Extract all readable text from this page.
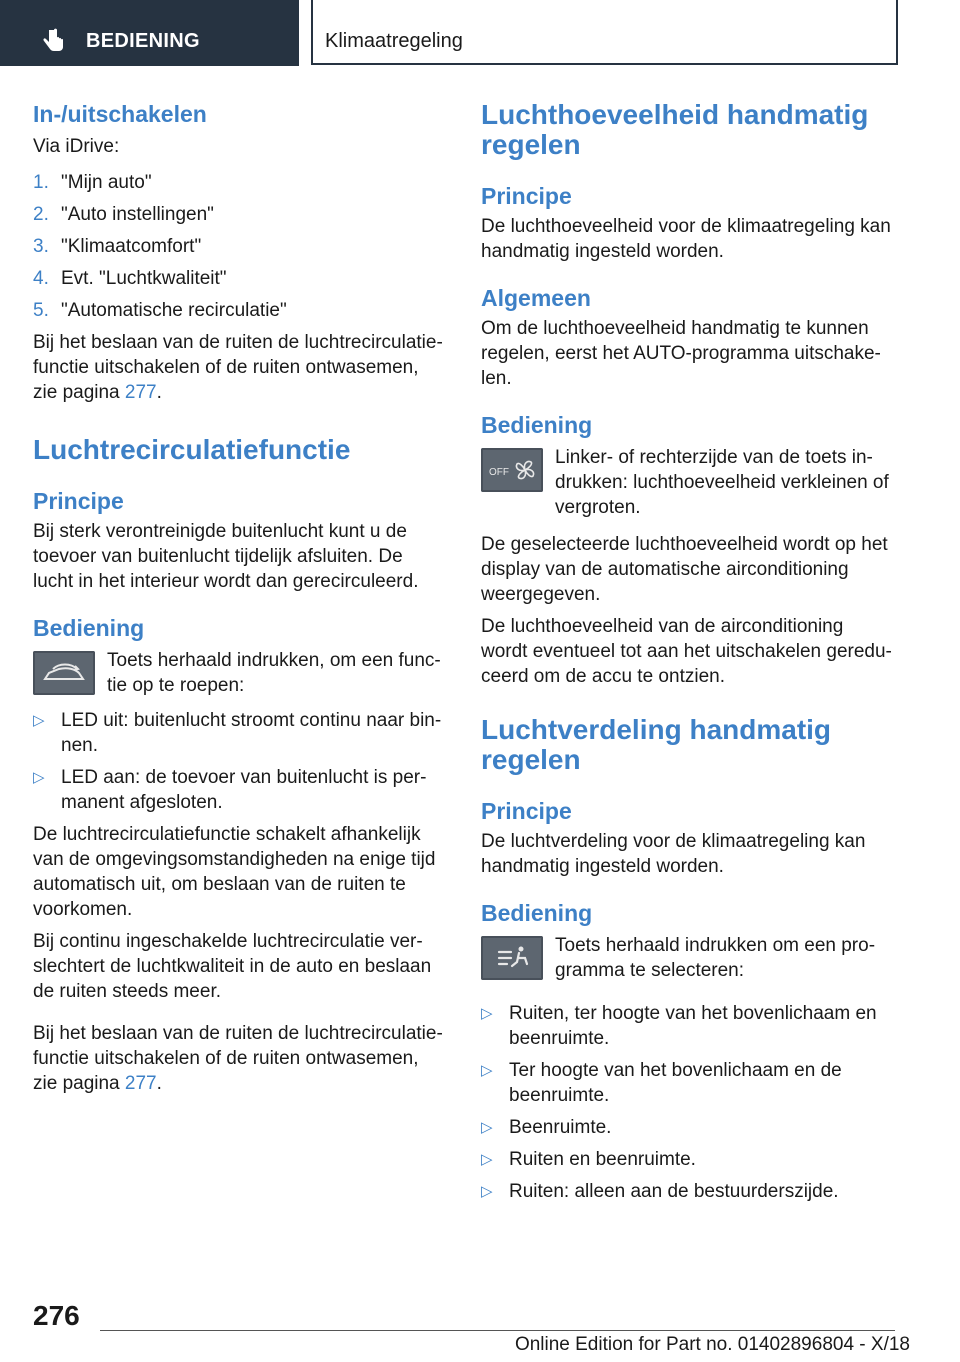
BEDIENING	Klimaatregeling
In-/uitschakelen

Via iDrive:

1. "Mijn auto"
2. "Auto instellingen"
3. "Klimaatcomfort"
4. Evt. "Luchtkwaliteit"
5. "Automatische recirculatie"

Bij het beslaan van de ruiten de luchtrecirculatie-functie uitschakelen of de ruiten ontwasemen, zie pagina 277.

Luchtrecirculatiefunctie
Principe

Bij sterk verontreinigde buitenlucht kunt u de toevoer van buitenlucht tijdelijk afsluiten. De lucht in het interieur wordt dan gerecirculeerd.

Bediening

Toets herhaald indrukken, om een func-tie op te roepen:

▷ LED uit: buitenlucht stroomt continu naar bin-nen.
▷ LED aan: de toevoer van buitenlucht is per-manent afgesloten.

De luchtrecirculatiefunctie schakelt afhankelijk van de omgevingsomstandigheden na enige tijd automatisch uit, om beslaan van de ruiten te voorkomen.

Bij continu ingeschakelde luchtrecirculatie ver-slechtert de luchtkwaliteit in de auto en beslaan de ruiten steeds meer.

Bij het beslaan van de ruiten de luchtrecirculatie-functie uitschakelen of de ruiten ontwasemen, zie pagina 277.

Luchthoeveelheid handmatig regelen
Principe

De luchthoeveelheid voor de klimaatregeling kan handmatig ingesteld worden.

Algemeen

Om de luchthoeveelheid handmatig te kunnen regelen, eerst het AUTO-programma uitschake-len.

Bediening
OFF

Linker- of rechterzijde van de toets in-drukken: luchthoeveelheid verkleinen of vergroten.

De geselecteerde luchthoeveelheid wordt op het display van de automatische airconditioning weergegeven.

De luchthoeveelheid van de airconditioning wordt eventueel tot aan het uitschakelen geredu-ceerd om de accu te ontzien.

Luchtverdeling handmatig regelen
Principe

De luchtverdeling voor de klimaatregeling kan handmatig ingesteld worden.

Bediening

Toets herhaald indrukken om een pro-gramma te selecteren:

▷ Ruiten, ter hoogte van het bovenlichaam en beenruimte.
▷ Ter hoogte van het bovenlichaam en de beenruimte.
▷ Beenruimte.
▷ Ruiten en beenruimte.
▷ Ruiten: alleen aan de bestuurderszijde.
276
Online Edition for Part no. 01402896804 - X/18
